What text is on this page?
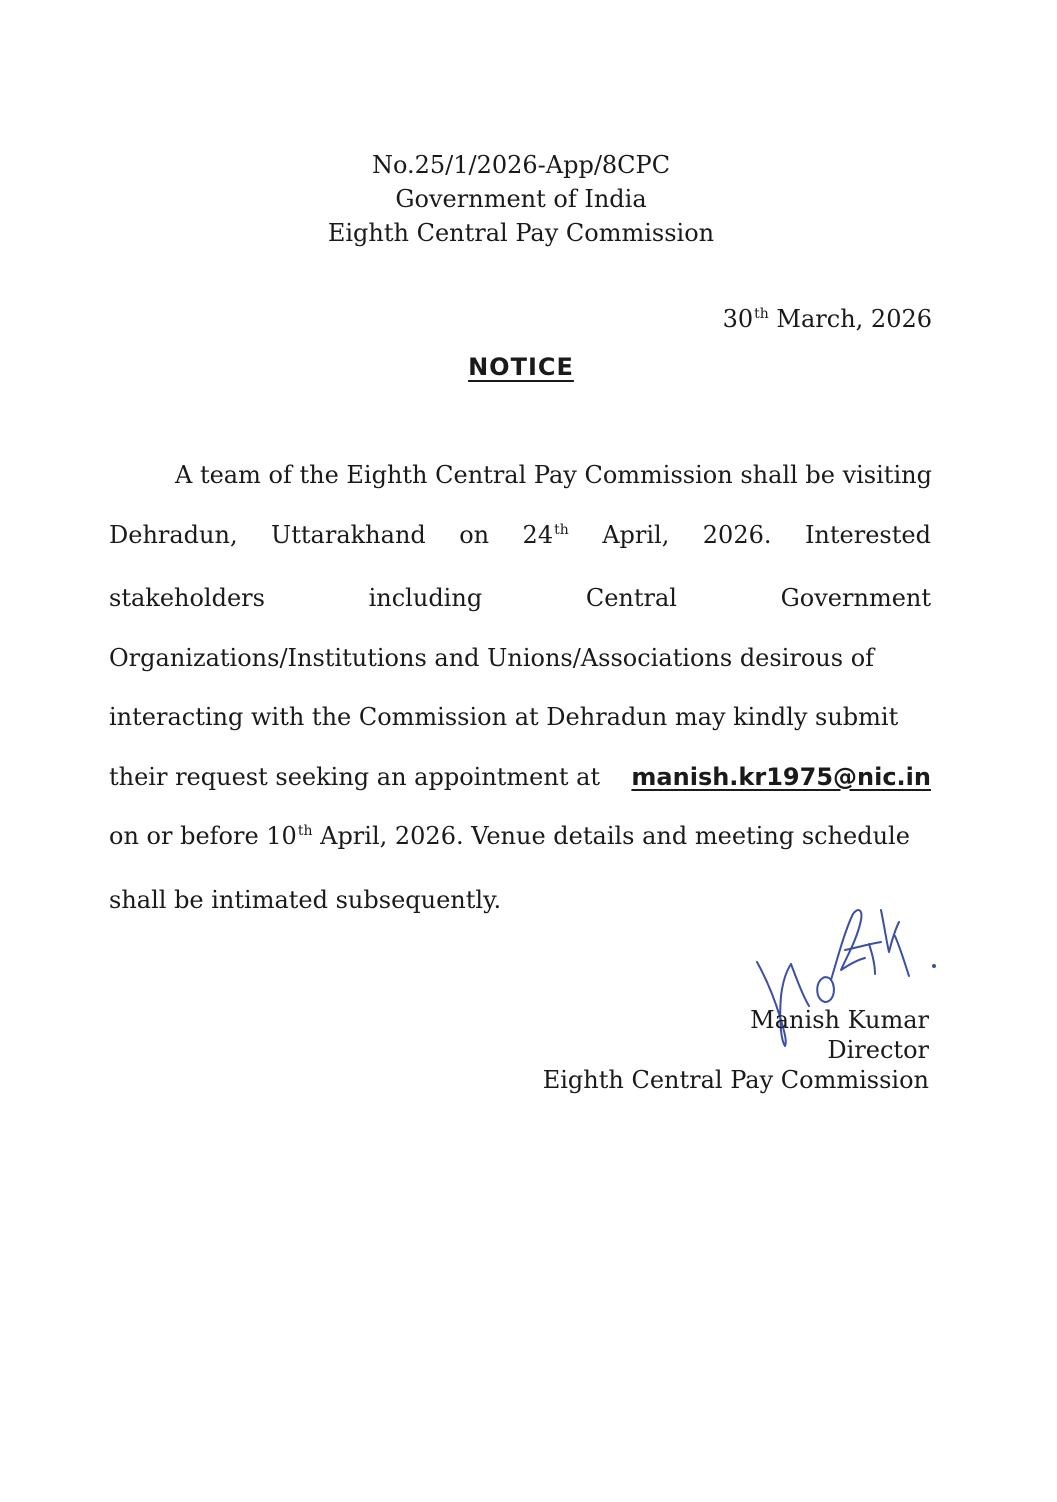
No.25/1/2026-App/8CPC
Government of India
Eighth Central Pay Commission
30th March, 2026
NOTICE
A team of the Eighth Central Pay Commission shall be visiting
Dehradun, Uttarakhand on 24th April, 2026. Interested
stakeholders	including	Central	Government
Organizations/Institutions and Unions/Associations desirous of
interacting with the Commission at Dehradun may kindly submit
their request seeking an appointment at manish.kr1975@nic.in
on or before 10th April, 2026. Venue details and meeting schedule
shall be intimated subsequently.
Manish Kumar
Director
Eighth Central Pay Commission
